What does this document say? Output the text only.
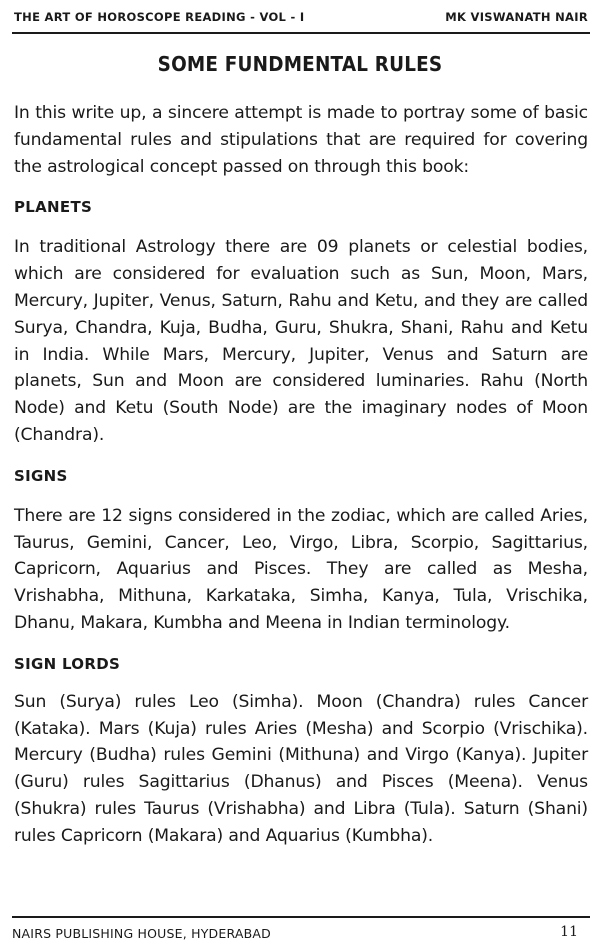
THE ART OF HOROSCOPE READING - VOL - I	MK VISWANATH NAIR
SOME FUNDMENTAL RULES

In this write up, a sincere attempt is made to portray some of basic fundamental rules and stipulations that are required for covering the astrological concept passed on through this book:

PLANETS

In traditional Astrology there are 09 planets or celestial bodies, which are considered for evaluation such as Sun, Moon, Mars, Mercury, Jupiter, Venus, Saturn, Rahu and Ketu, and they are called Surya, Chandra, Kuja, Budha, Guru, Shukra, Shani, Rahu and Ketu in India. While Mars, Mercury, Jupiter, Venus and Saturn are planets, Sun and Moon are considered luminaries. Rahu (North Node) and Ketu (South Node) are the imaginary nodes of Moon (Chandra).

SIGNS

There are 12 signs considered in the zodiac, which are called Aries, Taurus, Gemini, Cancer, Leo, Virgo, Libra, Scorpio, Sagittarius, Capricorn, Aquarius and Pisces. They are called as Mesha, Vrishabha, Mithuna, Karkataka, Simha, Kanya, Tula, Vrischika, Dhanu, Makara, Kumbha and Meena in Indian terminology.

SIGN LORDS

Sun (Surya) rules Leo (Simha). Moon (Chandra) rules Cancer (Kataka). Mars (Kuja) rules Aries (Mesha) and Scorpio (Vrischika). Mercury (Budha) rules Gemini (Mithuna) and Virgo (Kanya). Jupiter (Guru) rules Sagittarius (Dhanus) and Pisces (Meena). Venus (Shukra) rules Taurus (Vrishabha) and Libra (Tula). Saturn (Shani) rules Capricorn (Makara) and Aquarius (Kumbha).

NAIRS PUBLISHING HOUSE, HYDERABAD	11
